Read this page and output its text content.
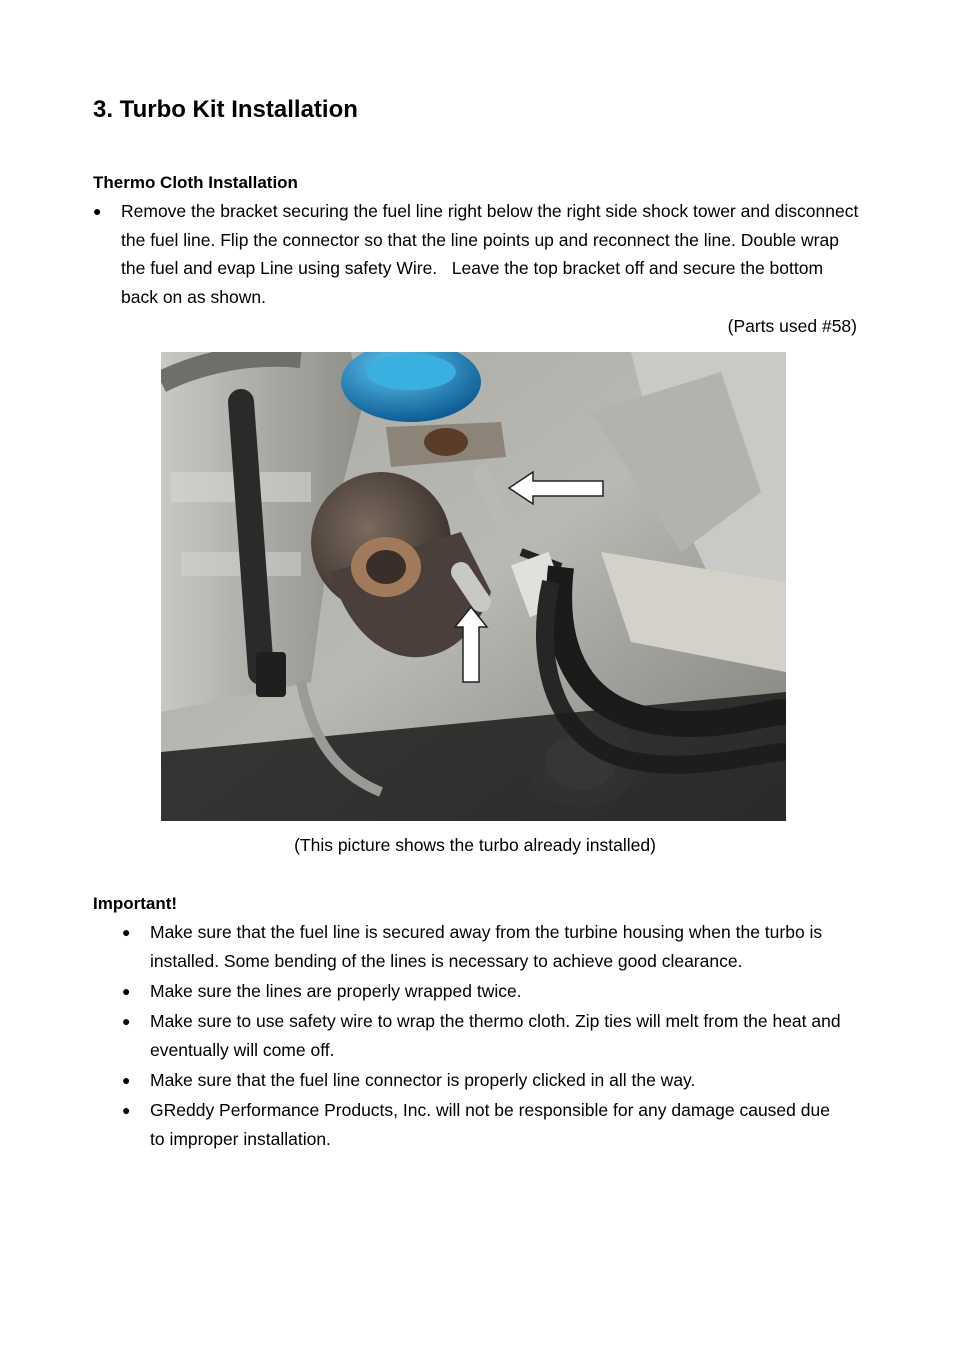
3. Turbo Kit Installation
Thermo Cloth Installation
● Remove the bracket securing the fuel line right below the right side shock tower and disconnect the fuel line. Flip the connector so that the line points up and reconnect the line. Double wrap the fuel and evap Line using safety Wire.   Leave the top bracket off and secure the bottom back on as shown.
(Parts used #58)
(This picture shows the turbo already installed)
Important!
● Make sure that the fuel line is secured away from the turbine housing when the turbo is installed. Some bending of the lines is necessary to achieve good clearance.
● Make sure the lines are properly wrapped twice.
● Make sure to use safety wire to wrap the thermo cloth. Zip ties will melt from the heat and eventually will come off.
● Make sure that the fuel line connector is properly clicked in all the way.
● GReddy Performance Products, Inc. will not be responsible for any damage caused due to improper installation.
